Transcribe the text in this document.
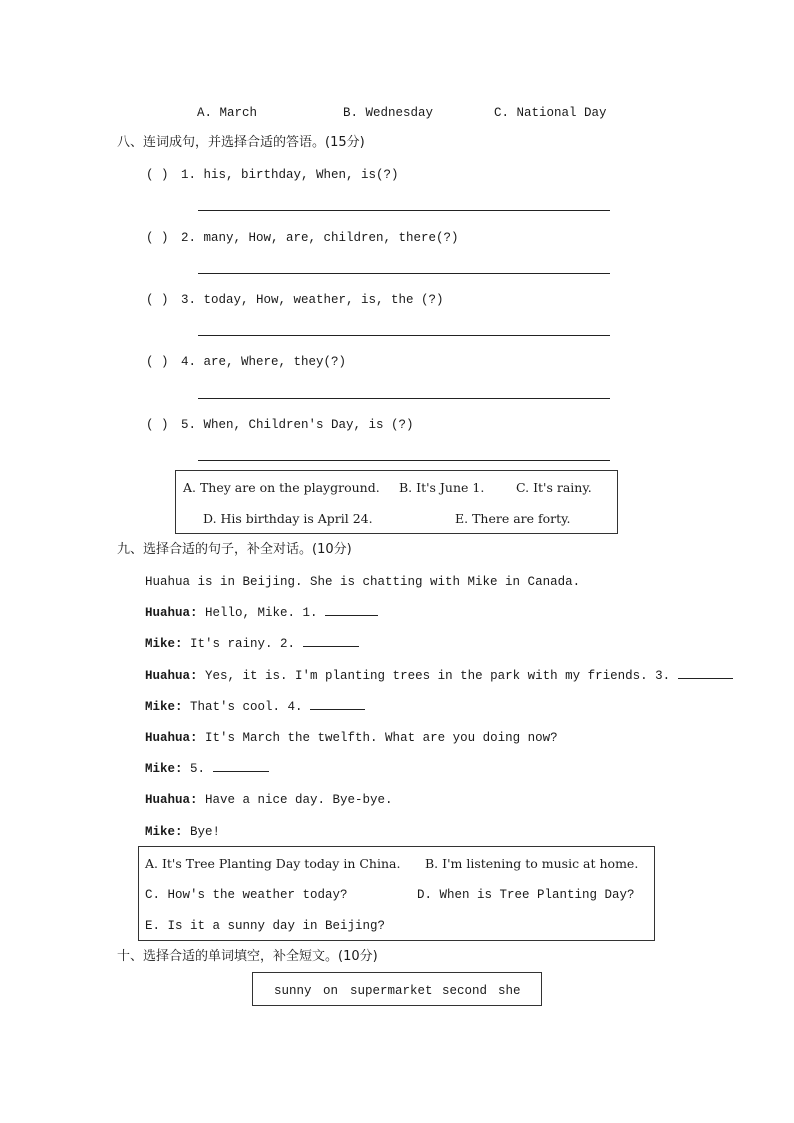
A. March	B. Wednesday	C. National Day
八、连词成句，并选择合适的答语。(15分)
( ) 1. his, birthday, When, is(?)
( ) 2. many, How, are, children, there(?)
( ) 3. today, How, weather, is, the (?)
( ) 4. are, Where, they(?)
( ) 5. When, Children's Day, is (?)
A. They are on the playground. B. It's June 1.	C. It's rainy.
D. His birthday is April 24.	E. There are forty.
九、选择合适的句子，补全对话。(10分)
Huahua is in Beijing. She is chatting with Mike in Canada.
Huahua: Hello, Mike. 1.
Mike: It's rainy. 2.
Huahua: Yes, it is. I'm planting trees in the park with my friends. 3.
Mike: That's cool. 4.
Huahua: It's March the twelfth. What are you doing now?
Mike: 5.
Huahua: Have a nice day. Bye-bye.
Mike: Bye!
A. It's Tree Planting Day today in China. B. I'm listening to music at home.
C. How's the weather today?	D. When is Tree Planting Day?
E. Is it a sunny day in Beijing?
十、选择合适的单词填空，补全短文。(10分)
sunny on supermarket second she
